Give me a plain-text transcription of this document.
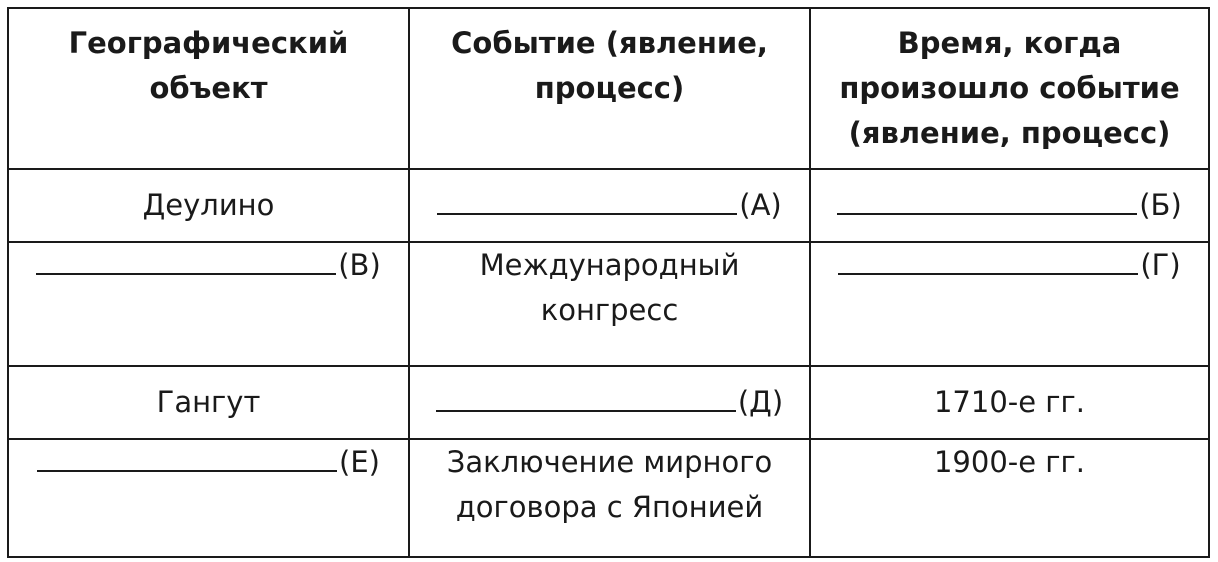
Географический объект	Событие (явление, процесс)	Время, когда произошло событие (явление, процесс)
Деулино	(А)	(Б)
(В)	Международный конгресс	(Г)
Гангут	(Д)	1710-е гг.
(Е)	Заключение мирного договора с Японией	1900-е гг.
